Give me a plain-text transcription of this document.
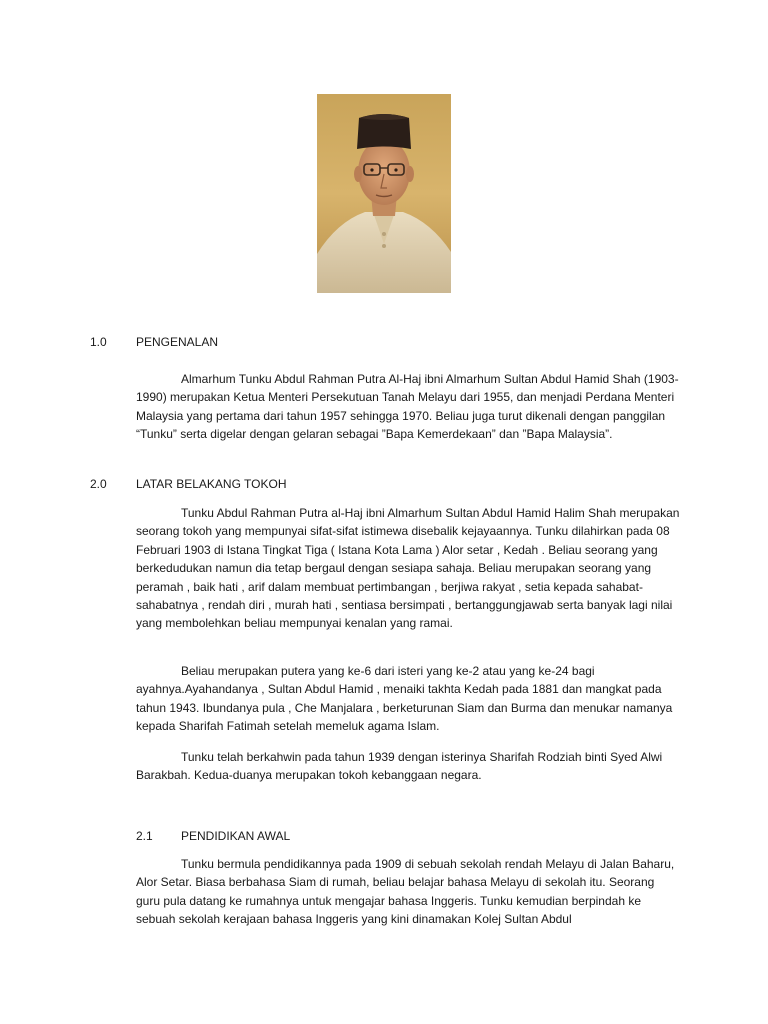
1.0 PENGENALAN

Almarhum Tunku Abdul Rahman Putra Al-Haj ibni Almarhum Sultan Abdul Hamid Shah (1903-1990) merupakan Ketua Menteri Persekutuan Tanah Melayu dari 1955, dan menjadi Perdana Menteri Malaysia yang pertama dari tahun 1957 sehingga 1970. Beliau juga turut dikenali dengan panggilan “Tunku” serta digelar dengan gelaran sebagai ”Bapa Kemerdekaan” dan ”Bapa Malaysia”.

2.0 LATAR BELAKANG TOKOH

Tunku Abdul Rahman Putra al-Haj ibni Almarhum Sultan Abdul Hamid Halim Shah merupakan seorang tokoh yang mempunyai sifat-sifat istimewa disebalik kejayaannya. Tunku dilahirkan pada 08 Februari 1903 di Istana Tingkat Tiga ( Istana Kota Lama ) Alor setar , Kedah . Beliau seorang yang berkedudukan namun dia tetap bergaul dengan sesiapa sahaja. Beliau merupakan seorang yang peramah , baik hati , arif dalam membuat pertimbangan , berjiwa rakyat , setia kepada sahabat-sahabatnya , rendah diri , murah hati , sentiasa bersimpati , bertanggungjawab serta banyak lagi nilai yang membolehkan beliau mempunyai kenalan yang ramai.

Beliau merupakan putera yang ke-6 dari isteri yang ke-2 atau yang ke-24 bagi ayahnya.Ayahandanya , Sultan Abdul Hamid , menaiki takhta Kedah pada 1881 dan mangkat pada tahun 1943. Ibundanya pula , Che Manjalara , berketurunan Siam dan Burma dan menukar namanya kepada Sharifah Fatimah setelah memeluk agama Islam.

Tunku telah berkahwin pada tahun 1939 dengan isterinya Sharifah Rodziah binti Syed Alwi Barakbah. Kedua-duanya merupakan tokoh kebanggaan negara.

2.1 PENDIDIKAN AWAL

Tunku bermula pendidikannya pada 1909 di sebuah sekolah rendah Melayu di Jalan Baharu, Alor Setar. Biasa berbahasa Siam di rumah, beliau belajar bahasa Melayu di sekolah itu. Seorang guru pula datang ke rumahnya untuk mengajar bahasa Inggeris. Tunku kemudian berpindah ke sebuah sekolah kerajaan bahasa Inggeris yang kini dinamakan Kolej Sultan Abdul
